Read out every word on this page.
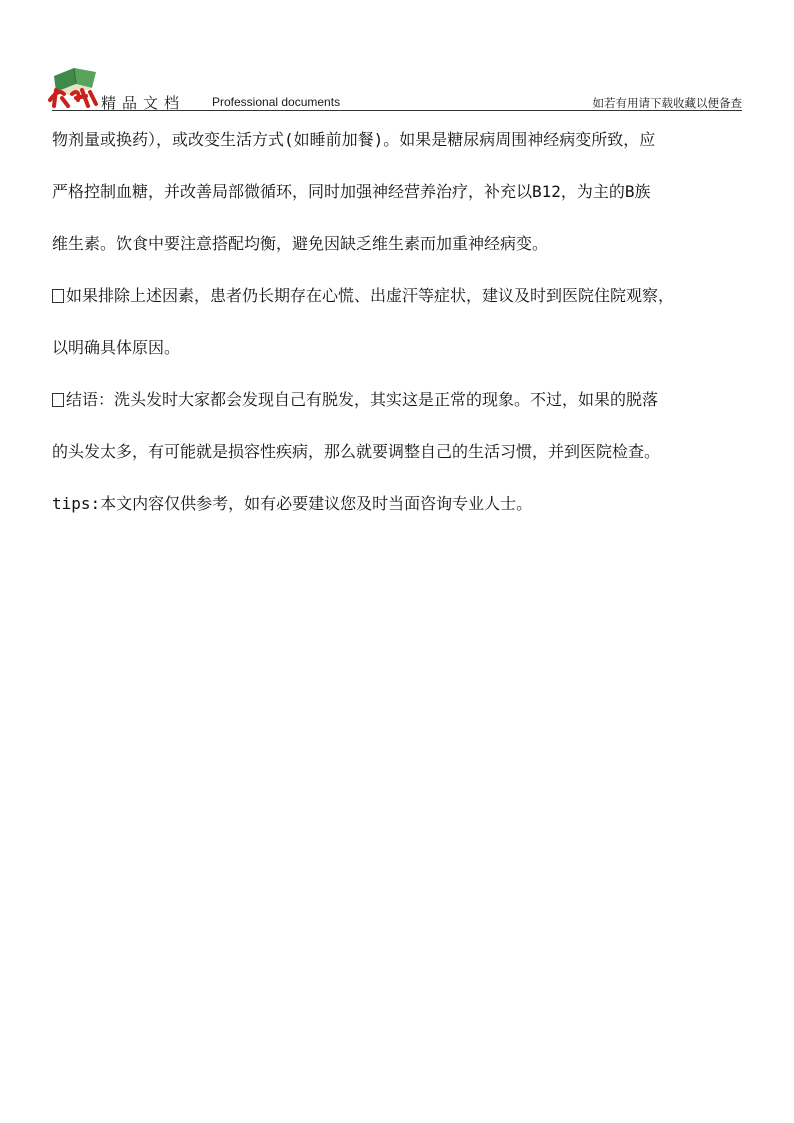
精品文档 Professional documents	如若有用请下载收藏以便备查
物剂量或换药），或改变生活方式(如睡前加餐)。如果是糖尿病周围神经病变所致，应
严格控制血糖，并改善局部微循环，同时加强神经营养治疗，补充以B12，为主的B族
维生素。饮食中要注意搭配均衡，避免因缺乏维生素而加重神经病变。
如果排除上述因素，患者仍长期存在心慌、出虚汗等症状，建议及时到医院住院观察，
以明确具体原因。
结语：洗头发时大家都会发现自己有脱发，其实这是正常的现象。不过，如果的脱落
的头发太多，有可能就是损容性疾病，那么就要调整自己的生活习惯，并到医院检查。
tips:本文内容仅供参考，如有必要建议您及时当面咨询专业人士。
